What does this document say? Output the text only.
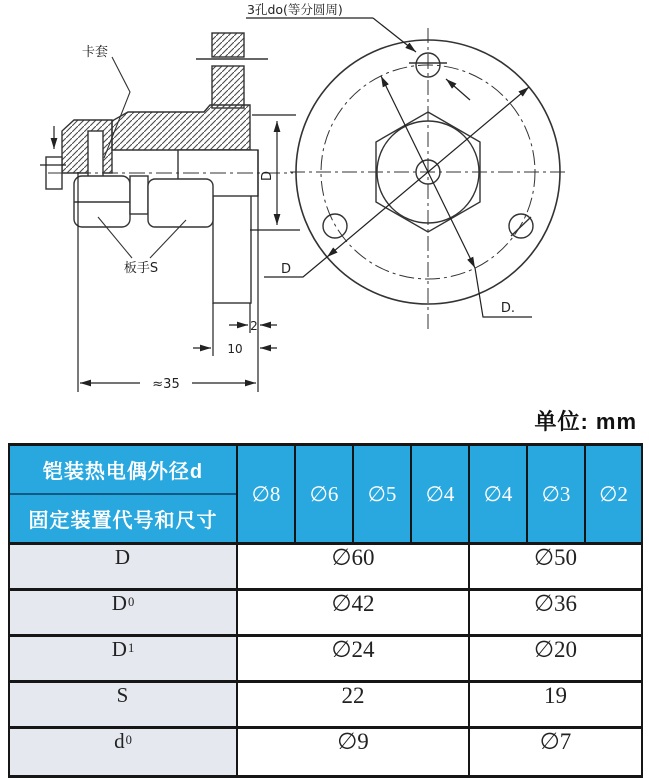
卡套
板手S
D
2
10
≈35
3孔do(等分圆周)
D
D.
单位: mm
铠装热电偶外径d
固定装置代号和尺寸	∅8	∅6	∅5	∅4	∅4	∅3	∅2
D	∅60				∅50		
D0	∅42				∅36		
D1	∅24				∅20		
S	22				19		
d0	∅9				∅7		
